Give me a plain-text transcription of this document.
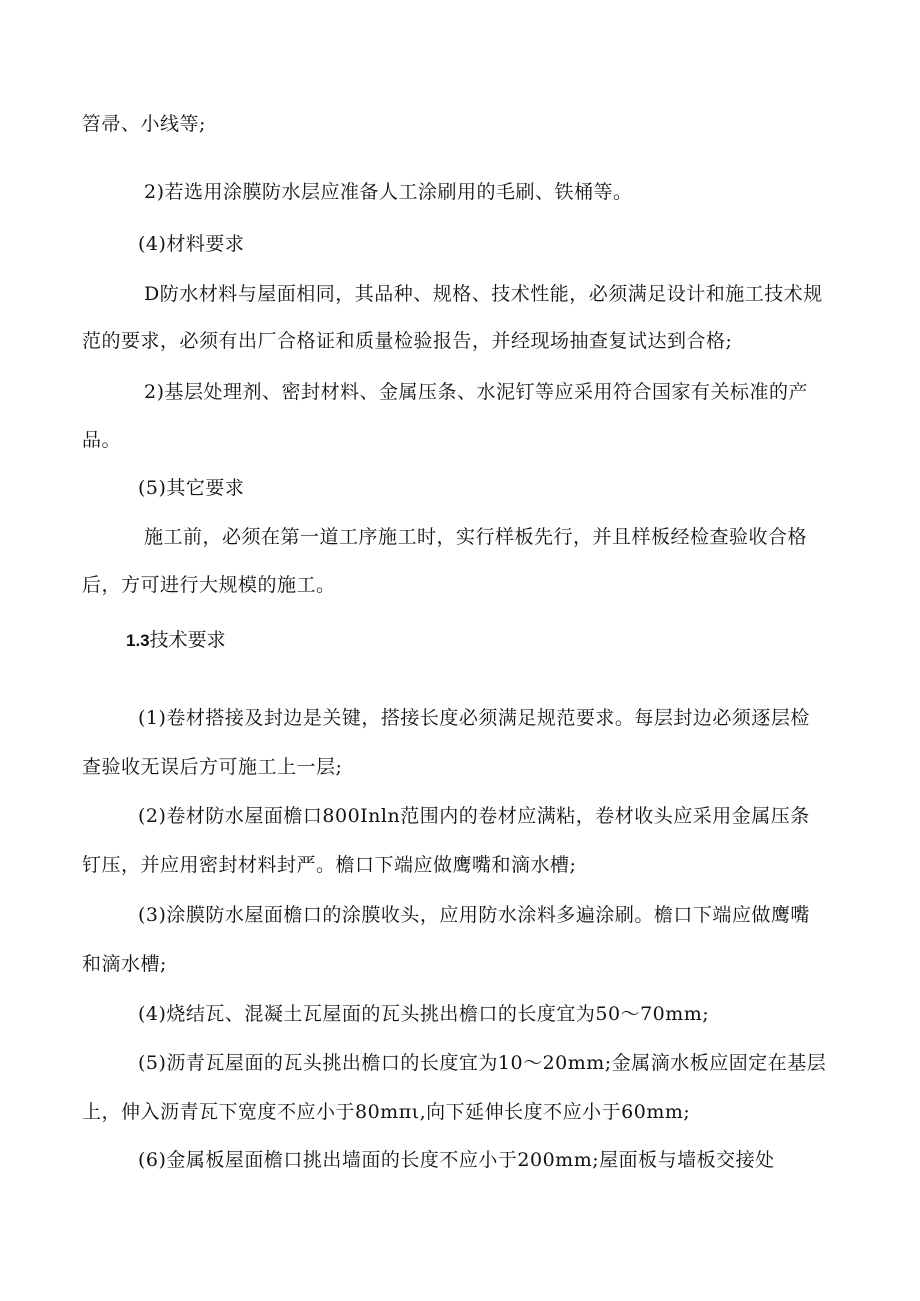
笤帚、小线等;
2)若选用涂膜防水层应准备人工涂刷用的毛刷、铁桶等。
(4)材料要求
D防水材料与屋面相同，其品种、规格、技术性能，必须满足设计和施工技术规
范的要求，必须有出厂合格证和质量检验报告，并经现场抽查复试达到合格;
2)基层处理剂、密封材料、金属压条、水泥钉等应采用符合国家有关标准的产
品。
(5)其它要求
施工前，必须在第一道工序施工时，实行样板先行，并且样板经检查验收合格
后，方可进行大规模的施工。
1.3技术要求
(1)卷材搭接及封边是关键，搭接长度必须满足规范要求。每层封边必须逐层检
查验收无误后方可施工上一层;
(2)卷材防水屋面檐口800Inln范围内的卷材应满粘，卷材收头应采用金属压条
钉压，并应用密封材料封严。檐口下端应做鹰嘴和滴水槽;
(3)涂膜防水屋面檐口的涂膜收头，应用防水涂料多遍涂刷。檐口下端应做鹰嘴
和滴水槽;
(4)烧结瓦、混凝土瓦屋面的瓦头挑出檐口的长度宜为50～70mm;
(5)沥青瓦屋面的瓦头挑出檐口的长度宜为10～20mm;金属滴水板应固定在基层
上，伸入沥青瓦下宽度不应小于80mπι,向下延伸长度不应小于60mm;
(6)金属板屋面檐口挑出墙面的长度不应小于200mm;屋面板与墙板交接处
